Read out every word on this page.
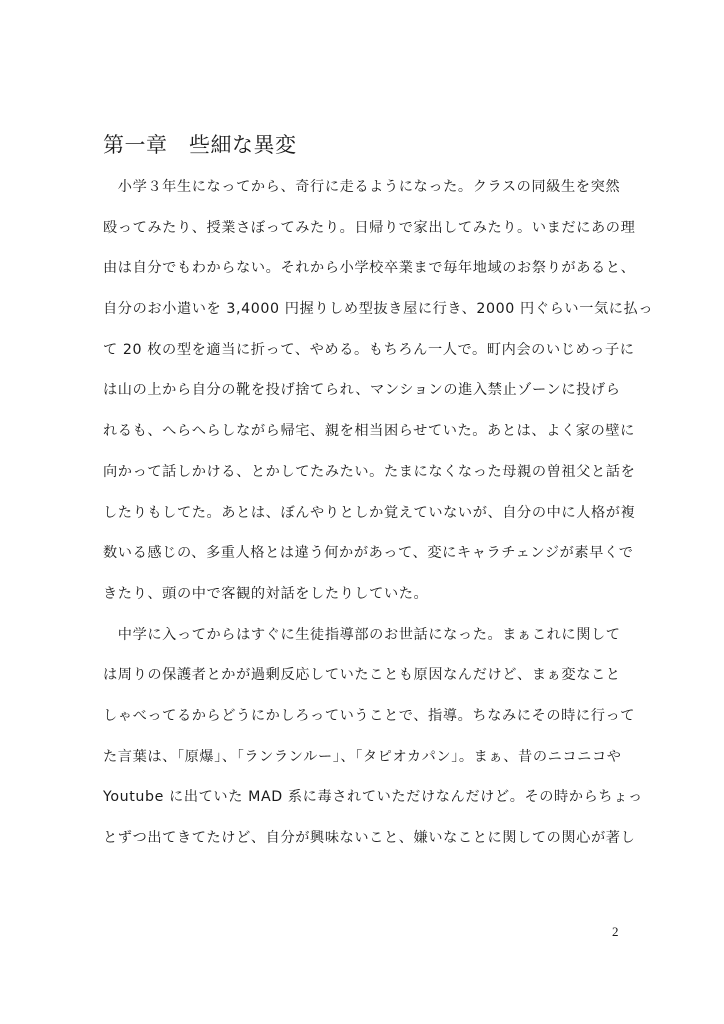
第一章　些細な異変
　小学３年生になってから、奇行に走るようになった。クラスの同級生を突然
殴ってみたり、授業さぼってみたり。日帰りで家出してみたり。いまだにあの理
由は自分でもわからない。それから小学校卒業まで毎年地域のお祭りがあると、
自分のお小遣いを 3,4000 円握りしめ型抜き屋に行き、2000 円ぐらい一気に払っ
て 20 枚の型を適当に折って、やめる。もちろん一人で。町内会のいじめっ子に
は山の上から自分の靴を投げ捨てられ、マンションの進入禁止ゾーンに投げら
れるも、へらへらしながら帰宅、親を相当困らせていた。あとは、よく家の壁に
向かって話しかける、とかしてたみたい。たまになくなった母親の曽祖父と話を
したりもしてた。あとは、ぼんやりとしか覚えていないが、自分の中に人格が複
数いる感じの、多重人格とは違う何かがあって、変にキャラチェンジが素早くで
きたり、頭の中で客観的対話をしたりしていた。
　中学に入ってからはすぐに生徒指導部のお世話になった。まぁこれに関して
は周りの保護者とかが過剰反応していたことも原因なんだけど、まぁ変なこと
しゃべってるからどうにかしろっていうことで、指導。ちなみにその時に行って
た言葉は、「原爆」、「ランランルー」、「タピオカパン」。まぁ、昔のニコニコや
Youtube に出ていた MAD 系に毒されていただけなんだけど。その時からちょっ
とずつ出てきてたけど、自分が興味ないこと、嫌いなことに関しての関心が著し
2
